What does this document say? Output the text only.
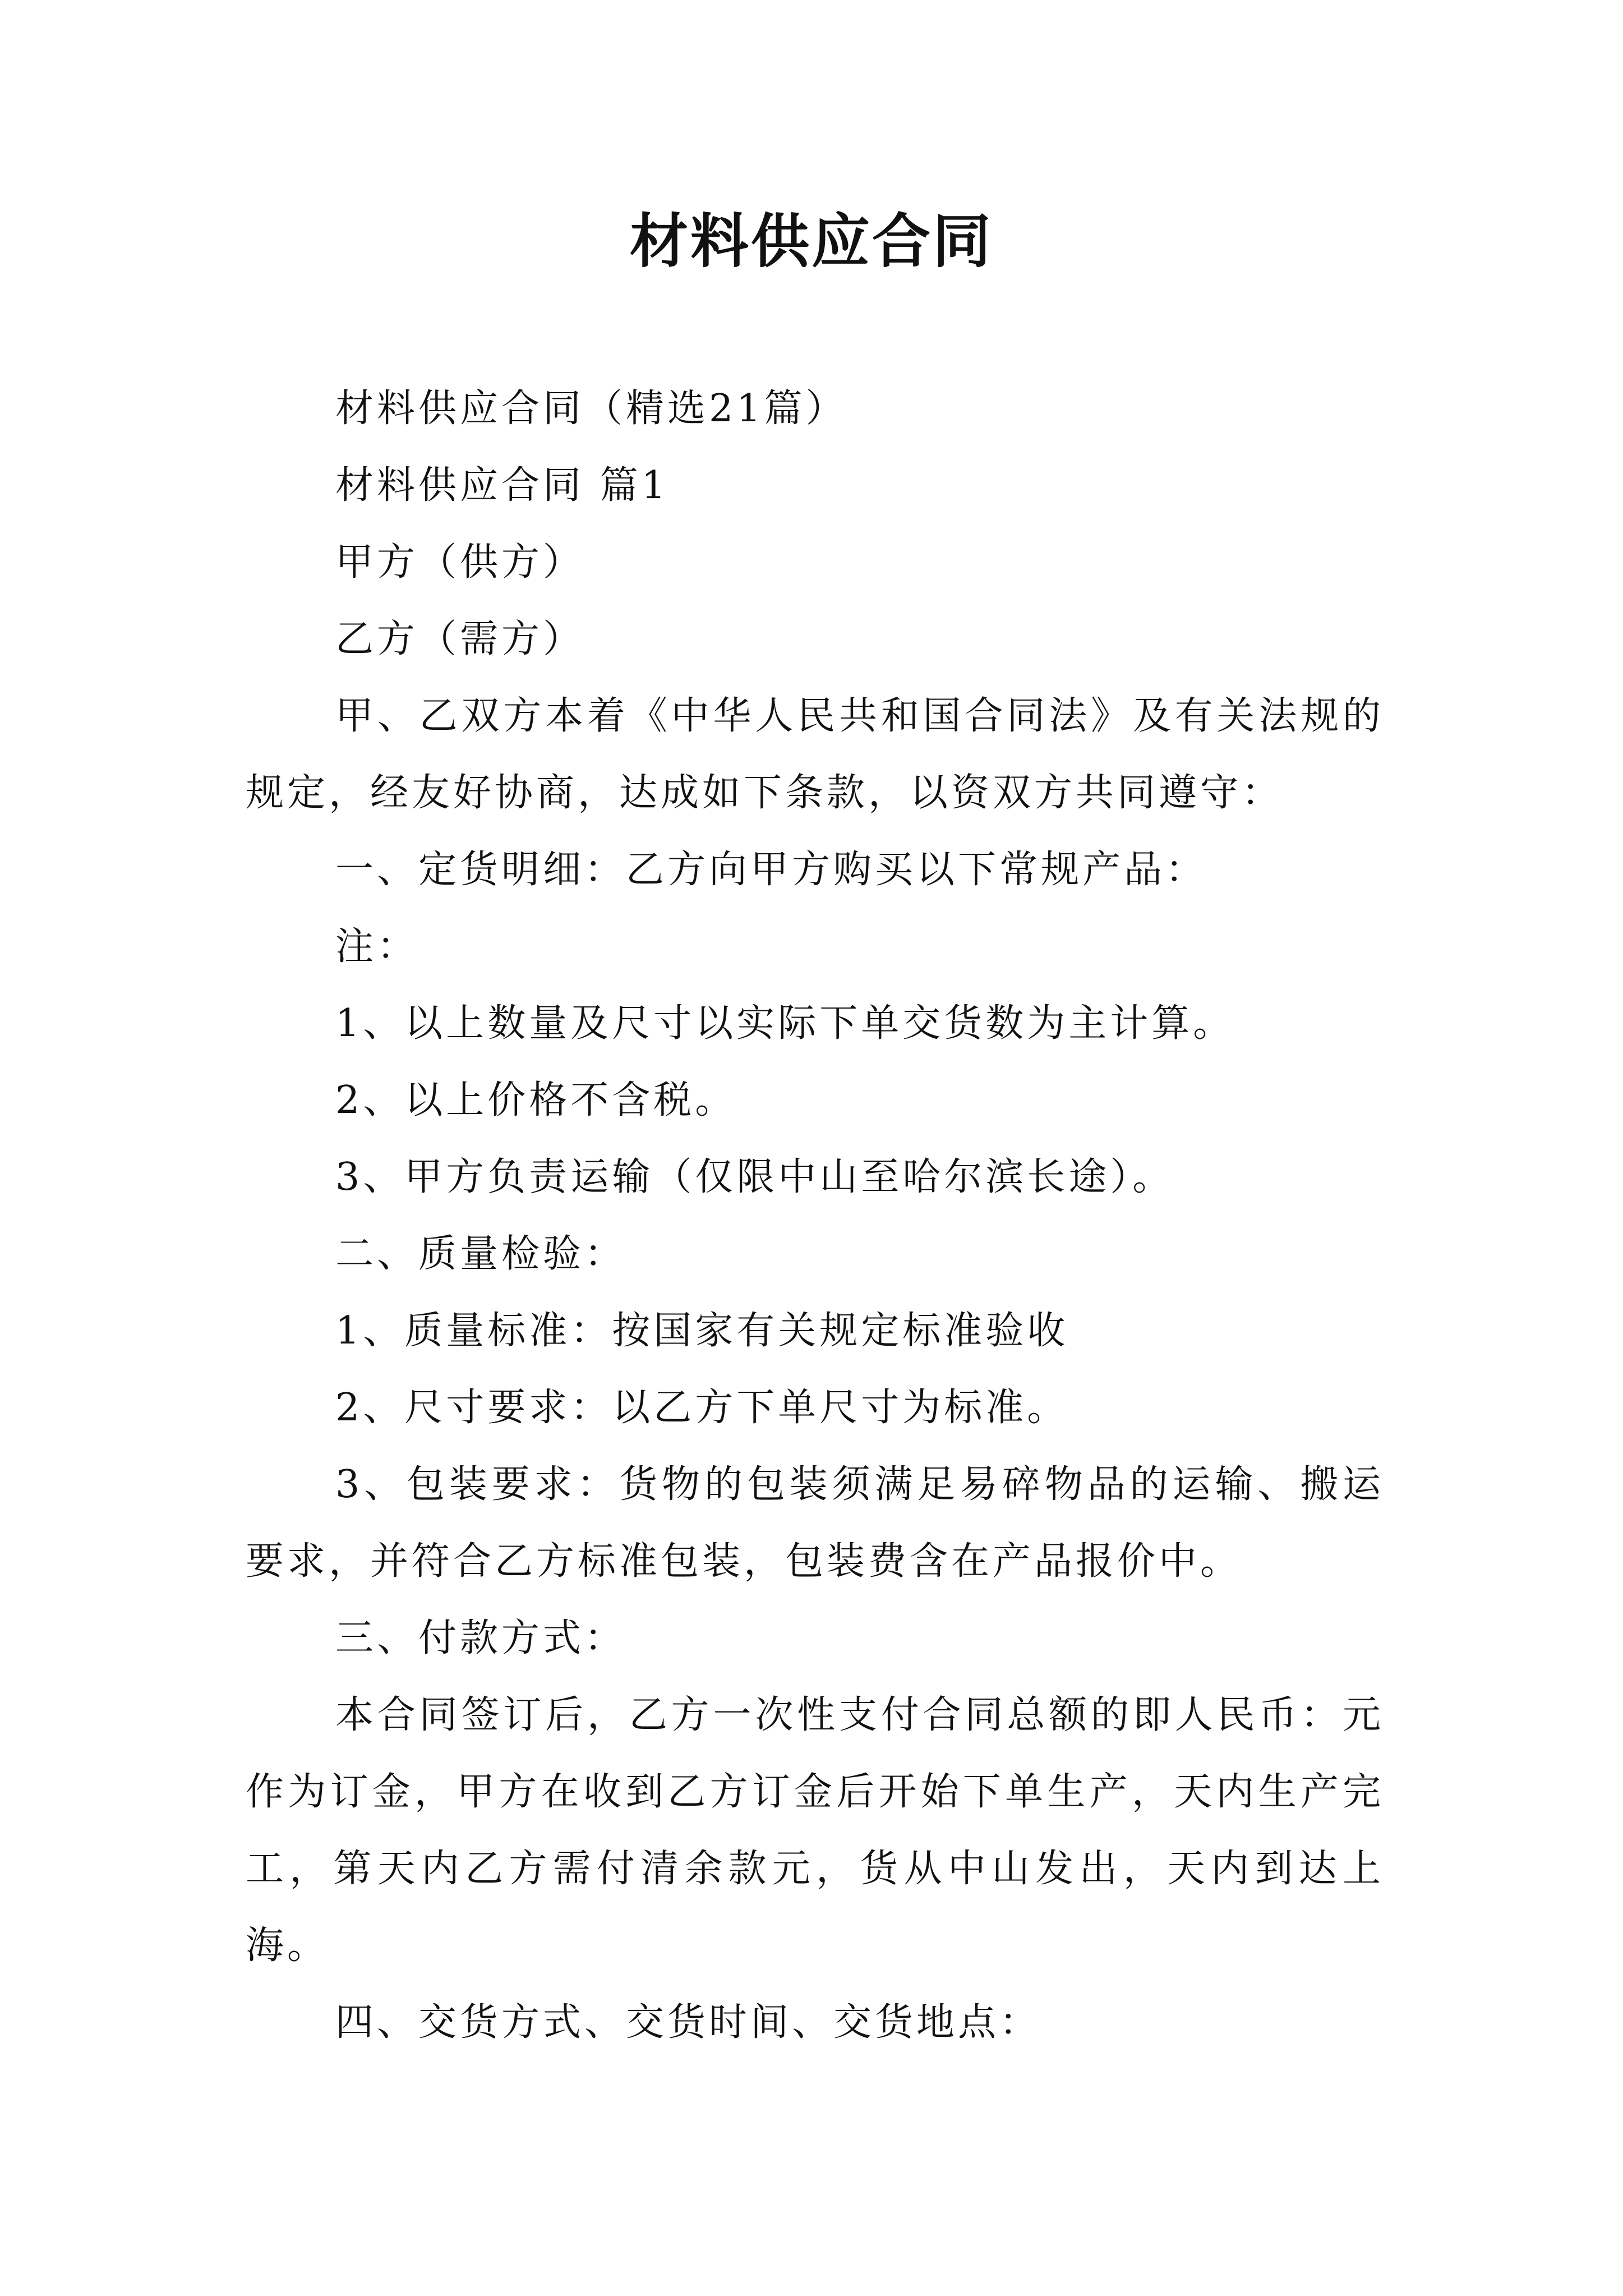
材料供应合同

材料供应合同（精选21篇）

材料供应合同 篇1

甲方（供方）

乙方（需方）

甲、乙双方本着《中华人民共和国合同法》及有关法规的规定，经友好协商，达成如下条款，以资双方共同遵守：

一、定货明细：乙方向甲方购买以下常规产品：

注：

1、以上数量及尺寸以实际下单交货数为主计算。

2、以上价格不含税。

3、甲方负责运输（仅限中山至哈尔滨长途）。

二、质量检验：

1、质量标准：按国家有关规定标准验收

2、尺寸要求：以乙方下单尺寸为标准。

3、包装要求：货物的包装须满足易碎物品的运输、搬运要求，并符合乙方标准包装，包装费含在产品报价中。

三、付款方式：

本合同签订后，乙方一次性支付合同总额的即人民币：元作为订金，甲方在收到乙方订金后开始下单生产，天内生产完工，第天内乙方需付清余款元，货从中山发出，天内到达上海。

四、交货方式、交货时间、交货地点：
